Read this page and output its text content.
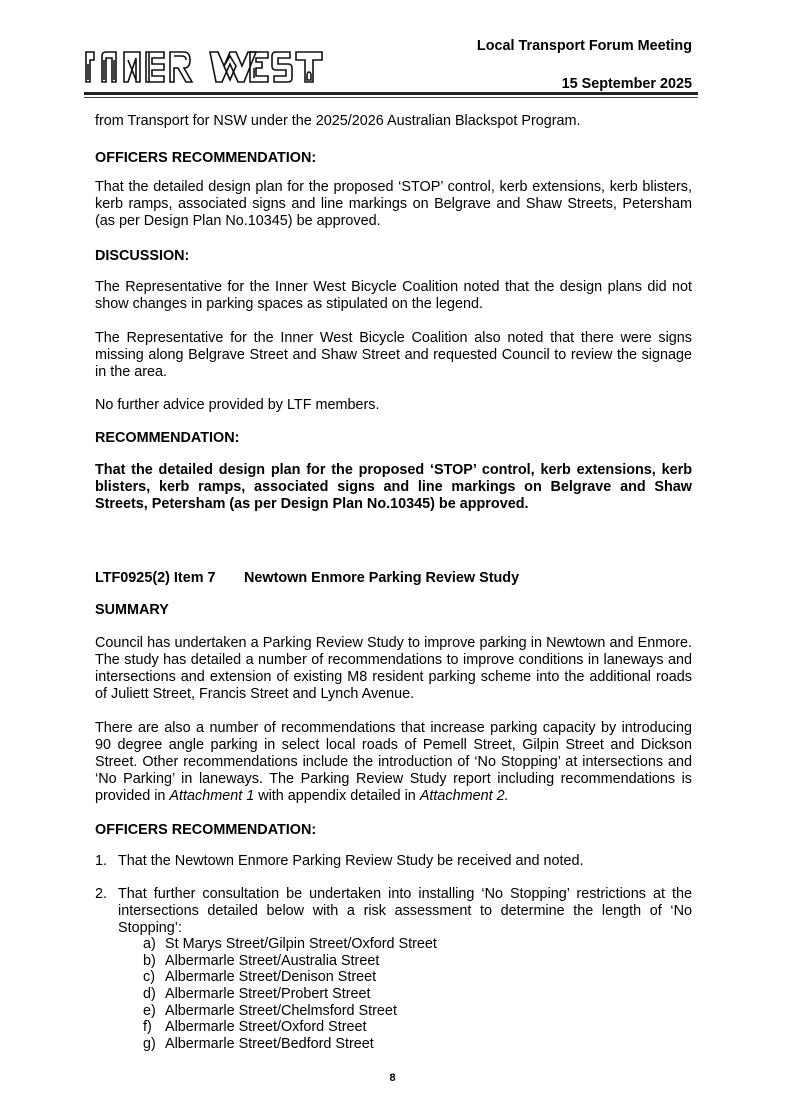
Local Transport Forum Meeting
15 September 2025
from Transport for NSW under the 2025/2026 Australian Blackspot Program.
OFFICERS RECOMMENDATION:
That the detailed design plan for the proposed ‘STOP’ control, kerb extensions, kerb blisters, kerb ramps, associated signs and line markings on Belgrave and Shaw Streets, Petersham (as per Design Plan No.10345) be approved.
DISCUSSION:
The Representative for the Inner West Bicycle Coalition noted that the design plans did not show changes in parking spaces as stipulated on the legend.
The Representative for the Inner West Bicycle Coalition also noted that there were signs missing along Belgrave Street and Shaw Street and requested Council to review the signage in the area.
No further advice provided by LTF members.
RECOMMENDATION:
That the detailed design plan for the proposed ‘STOP’ control, kerb extensions, kerb blisters, kerb ramps, associated signs and line markings on Belgrave and Shaw Streets, Petersham (as per Design Plan No.10345) be approved.
LTF0925(2) Item 7	Newtown Enmore Parking Review Study
SUMMARY
Council has undertaken a Parking Review Study to improve parking in Newtown and Enmore. The study has detailed a number of recommendations to improve conditions in laneways and intersections and extension of existing M8 resident parking scheme into the additional roads of Juliett Street, Francis Street and Lynch Avenue.
There are also a number of recommendations that increase parking capacity by introducing 90 degree angle parking in select local roads of Pemell Street, Gilpin Street and Dickson Street. Other recommendations include the introduction of ‘No Stopping’ at intersections and ‘No Parking’ in laneways. The Parking Review Study report including recommendations is provided in Attachment 1 with appendix detailed in Attachment 2.
OFFICERS RECOMMENDATION:
1. That the Newtown Enmore Parking Review Study be received and noted.
2. That further consultation be undertaken into installing ‘No Stopping’ restrictions at the intersections detailed below with a risk assessment to determine the length of ‘No Stopping’:
a) St Marys Street/Gilpin Street/Oxford Street
b) Albermarle Street/Australia Street
c) Albermarle Street/Denison Street
d) Albermarle Street/Probert Street
e) Albermarle Street/Chelmsford Street
f) Albermarle Street/Oxford Street
g) Albermarle Street/Bedford Street
8
